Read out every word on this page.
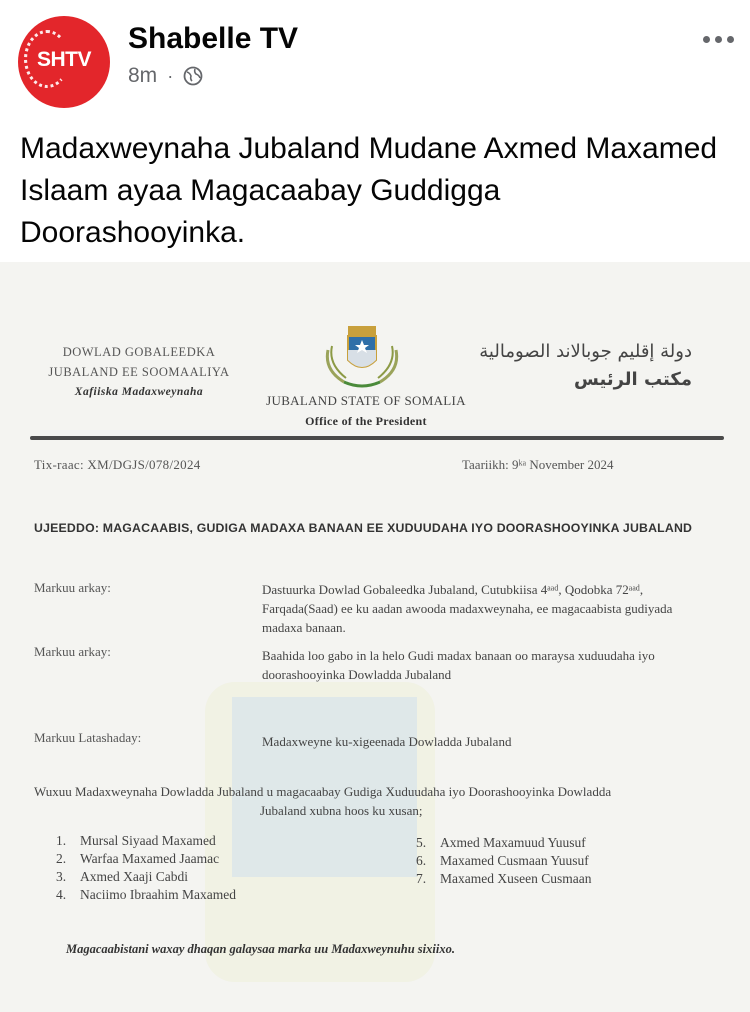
SHTV
Shabelle TV
8m ·
Madaxweynaha Jubaland Mudane Axmed Maxamed Islaam ayaa Magacaabay Guddigga Doorashooyinka.
DOWLAD GOBALEEDKA
JUBALAND EE SOOMAALIYA
Xafiiska Madaxweynaha
JUBALAND STATE OF SOMALIA
Office of the President
دولة إقليم جوبالاند الصومالية
مكتب الرئيس
Tix-raac: XM/DGJS/078/2024	Taariikh: 9ᵏᵃ November 2024
UJEEDDO: MAGACAABIS, GUDIGA MADAXA BANAAN EE XUDUUDAHA IYO DOORASHOOYINKA JUBALAND
Markuu arkay:	Dastuurka Dowlad Gobaleedka Jubaland, Cutubkiisa 4ᵃᵃᵈ, Qodobka 72ᵃᵃᵈ, Farqada(Saad) ee ku aadan awooda madaxweynaha, ee magacaabista gudiyada madaxa banaan.
Markuu arkay:	Baahida loo gabo in la helo Gudi madax banaan oo maraysa xuduudaha iyo doorashooyinka Dowladda Jubaland
Markuu Latashaday:	Madaxweyne ku-xigeenada Dowladda Jubaland
Wuxuu Madaxweynaha Dowladda Jubaland u magacaabay Gudiga Xuduudaha iyo Doorashooyinka Dowladda
Jubaland xubna hoos ku xusan;
1. Mursal Siyaad Maxamed
2. Warfaa Maxamed Jaamac
3. Axmed Xaaji Cabdi
4. Naciimo Ibraahim Maxamed
5. Axmed Maxamuud Yuusuf
6. Maxamed Cusmaan Yuusuf
7. Maxamed Xuseen Cusmaan
Magacaabistani waxay dhaqan galaysaa marka uu Madaxweynuhu sixiixo.
